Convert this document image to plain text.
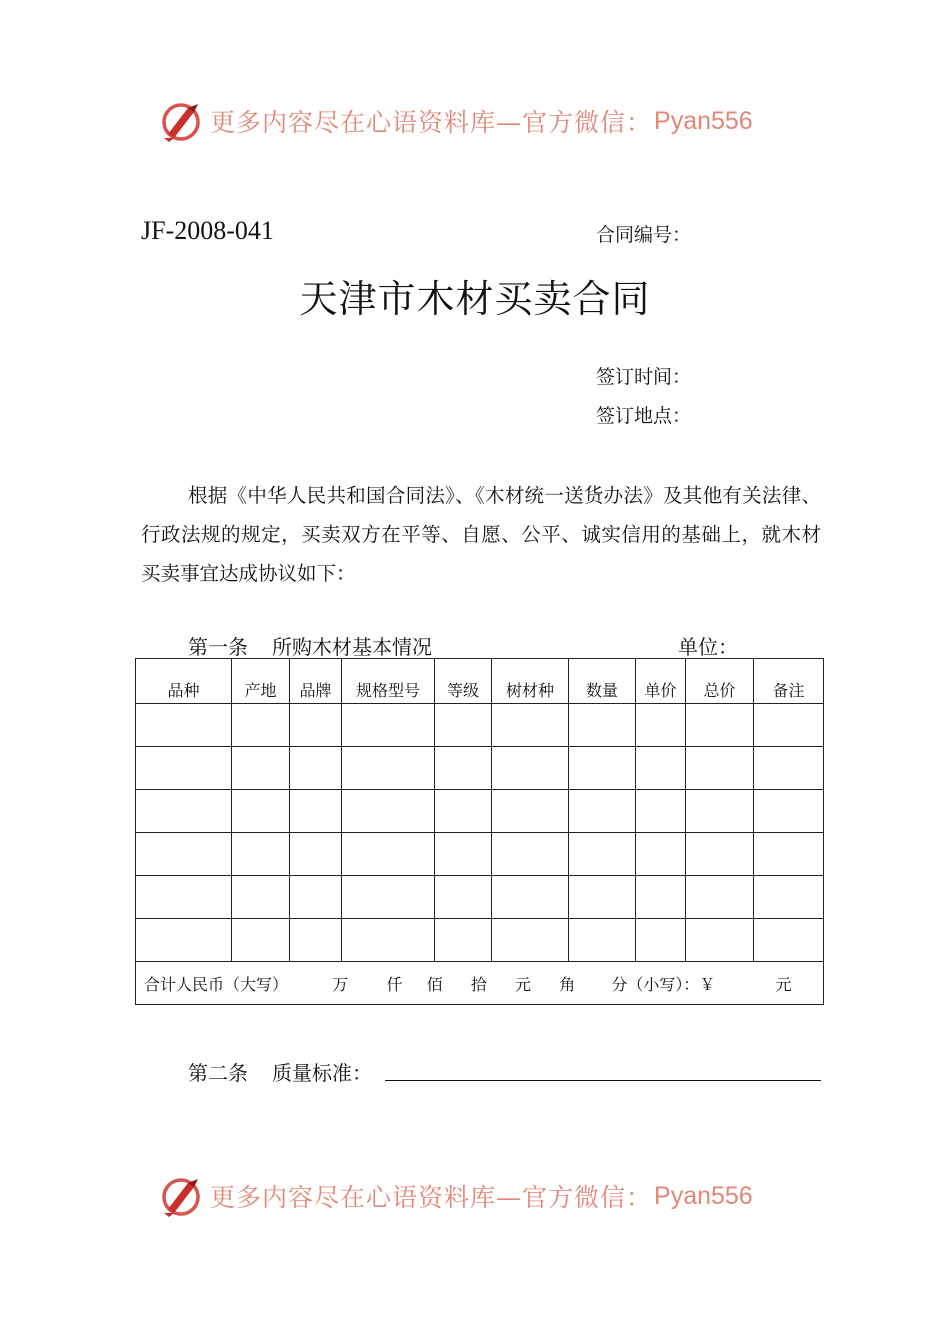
更多内容尽在心语资料库—官方微信： Pyan556
JF-2008-041	合同编号：
天津市木材买卖合同
签订时间：
签订地点：
根据《中华人民共和国合同法》、《木材统一送货办法》及其他有关法律、行政法规的规定，买卖双方在平等、自愿、公平、诚实信用的基础上，就木材买卖事宜达成协议如下：
第一条 所购木材基本情况	单位：
品种	产地	品牌	规格型号	等级	树材种	数量	单价	总价	备注

合计人民币（大写） 万 仟 佰 拾 元 角 分（小写）：￥ 元									
第二条 质量标准：
更多内容尽在心语资料库—官方微信： Pyan556
